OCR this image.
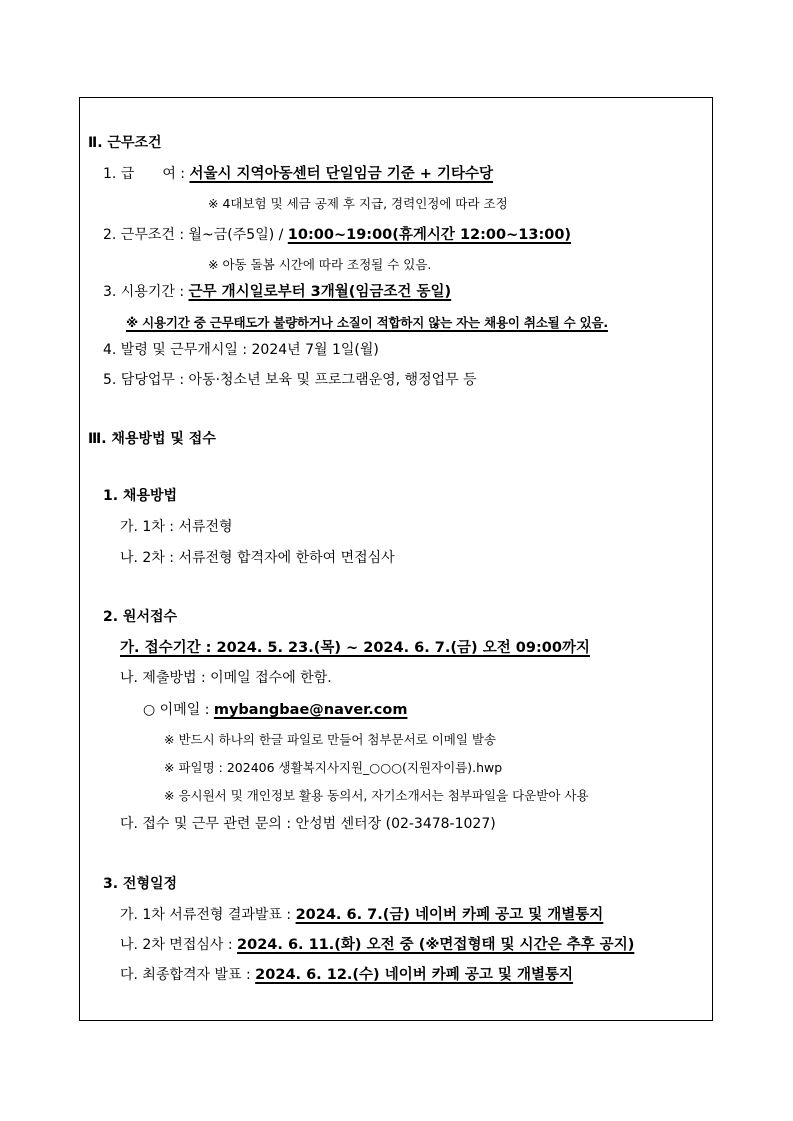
Ⅱ. 근무조건
1. 급　　여 : 서울시 지역아동센터 단일임금 기준 + 기타수당
※ 4대보험 및 세금 공제 후 지급, 경력인정에 따라 조정
2. 근무조건 : 월~금(주5일) / 10:00~19:00(휴게시간 12:00~13:00)
※ 아동 돌봄 시간에 따라 조정될 수 있음.
3. 시용기간 : 근무 개시일로부터 3개월(임금조건 동일)
※ 시용기간 중 근무태도가 불량하거나 소질이 적합하지 않는 자는 채용이 취소될 수 있음.
4. 발령 및 근무개시일 : 2024년 7월 1일(월)
5. 담당업무 : 아동·청소년 보육 및 프로그램운영, 행정업무 등
Ⅲ. 채용방법 및 접수
1. 채용방법
가. 1차 : 서류전형
나. 2차 : 서류전형 합격자에 한하여 면접심사
2. 원서접수
가. 접수기간 : 2024. 5. 23.(목) ~ 2024. 6. 7.(금) 오전 09:00까지
나. 제출방법 : 이메일 접수에 한함.
○ 이메일 : mybangbae@naver.com
※ 반드시 하나의 한글 파일로 만들어 첨부문서로 이메일 발송
※ 파일명 : 202406 생활복지사지원_○○○(지원자이름).hwp
※ 응시원서 및 개인정보 활용 동의서, 자기소개서는 첨부파일을 다운받아 사용
다. 접수 및 근무 관련 문의 : 안성범 센터장 (02-3478-1027)
3. 전형일정
가. 1차 서류전형 결과발표 : 2024. 6. 7.(금) 네이버 카페 공고 및 개별통지
나. 2차 면접심사 : 2024. 6. 11.(화) 오전 중 (※면접형태 및 시간은 추후 공지)
다. 최종합격자 발표 : 2024. 6. 12.(수) 네이버 카페 공고 및 개별통지
